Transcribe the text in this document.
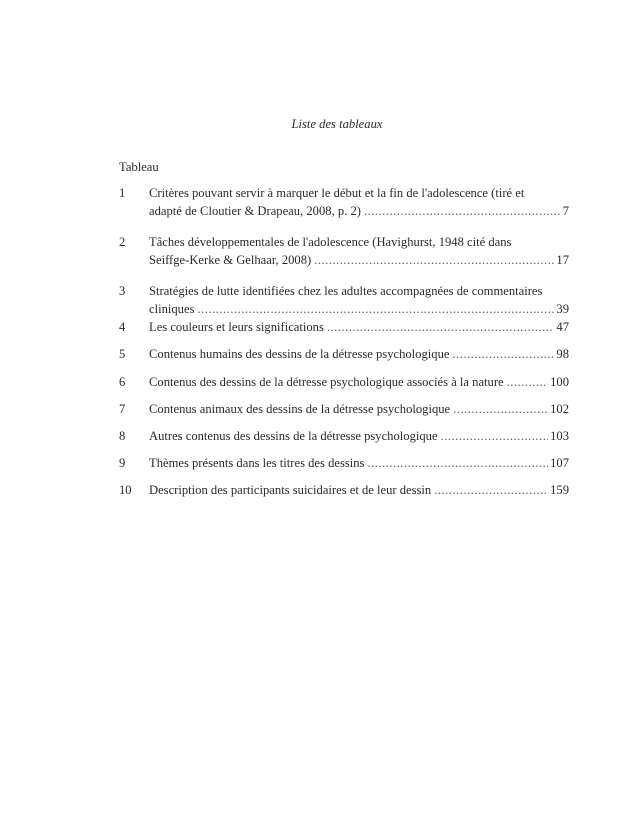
Liste des tableaux
Tableau
1	Critères pouvant servir à marquer le début et la fin de l'adolescence (tiré et
adapté de Cloutier & Drapeau, 2008, p. 2) .....	7
2	Tâches développementales de l'adolescence (Havighurst, 1948 cité dans
Seiffge-Kerke & Gelhaar, 2008) .....	17
3	Stratégies de lutte identifiées chez les adultes accompagnées de commentaires
cliniques .....	39
4	Les couleurs et leurs significations .....	47
5	Contenus humains des dessins de la détresse psychologique .....	98
6	Contenus des dessins de la détresse psychologique associés à la nature .....	100
7	Contenus animaux des dessins de la détresse psychologique .....	102
8	Autres contenus des dessins de la détresse psychologique .....	103
9	Thèmes présents dans les titres des dessins .....	107
10	Description des participants suicidaires et de leur dessin .....	159
